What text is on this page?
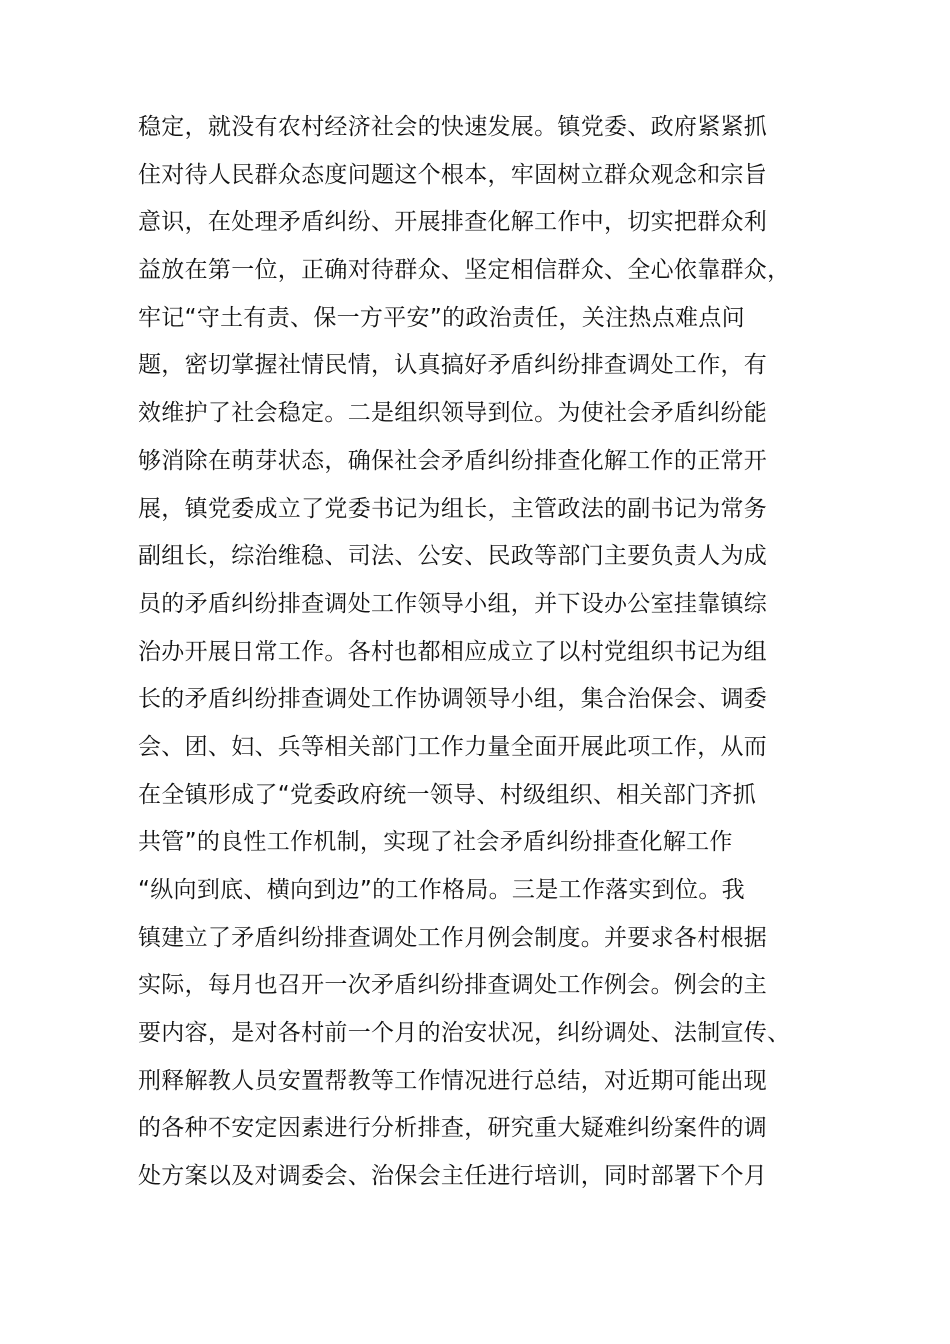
稳定，就没有农村经济社会的快速发展。镇党委、政府紧紧抓
住对待人民群众态度问题这个根本，牢固树立群众观念和宗旨
意识，在处理矛盾纠纷、开展排查化解工作中，切实把群众利
益放在第一位，正确对待群众、坚定相信群众、全心依靠群众，
牢记“守土有责、保一方平安”的政治责任，关注热点难点问
题，密切掌握社情民情，认真搞好矛盾纠纷排查调处工作，有
效维护了社会稳定。二是组织领导到位。为使社会矛盾纠纷能
够消除在萌芽状态，确保社会矛盾纠纷排查化解工作的正常开
展，镇党委成立了党委书记为组长，主管政法的副书记为常务
副组长，综治维稳、司法、公安、民政等部门主要负责人为成
员的矛盾纠纷排查调处工作领导小组，并下设办公室挂靠镇综
治办开展日常工作。各村也都相应成立了以村党组织书记为组
长的矛盾纠纷排查调处工作协调领导小组，集合治保会、调委
会、团、妇、兵等相关部门工作力量全面开展此项工作，从而
在全镇形成了“党委政府统一领导、村级组织、相关部门齐抓
共管”的良性工作机制，实现了社会矛盾纠纷排查化解工作
“纵向到底、横向到边”的工作格局。三是工作落实到位。我
镇建立了矛盾纠纷排查调处工作月例会制度。并要求各村根据
实际，每月也召开一次矛盾纠纷排查调处工作例会。例会的主
要内容，是对各村前一个月的治安状况，纠纷调处、法制宣传、
刑释解教人员安置帮教等工作情况进行总结，对近期可能出现
的各种不安定因素进行分析排查，研究重大疑难纠纷案件的调
处方案以及对调委会、治保会主任进行培训，同时部署下个月
